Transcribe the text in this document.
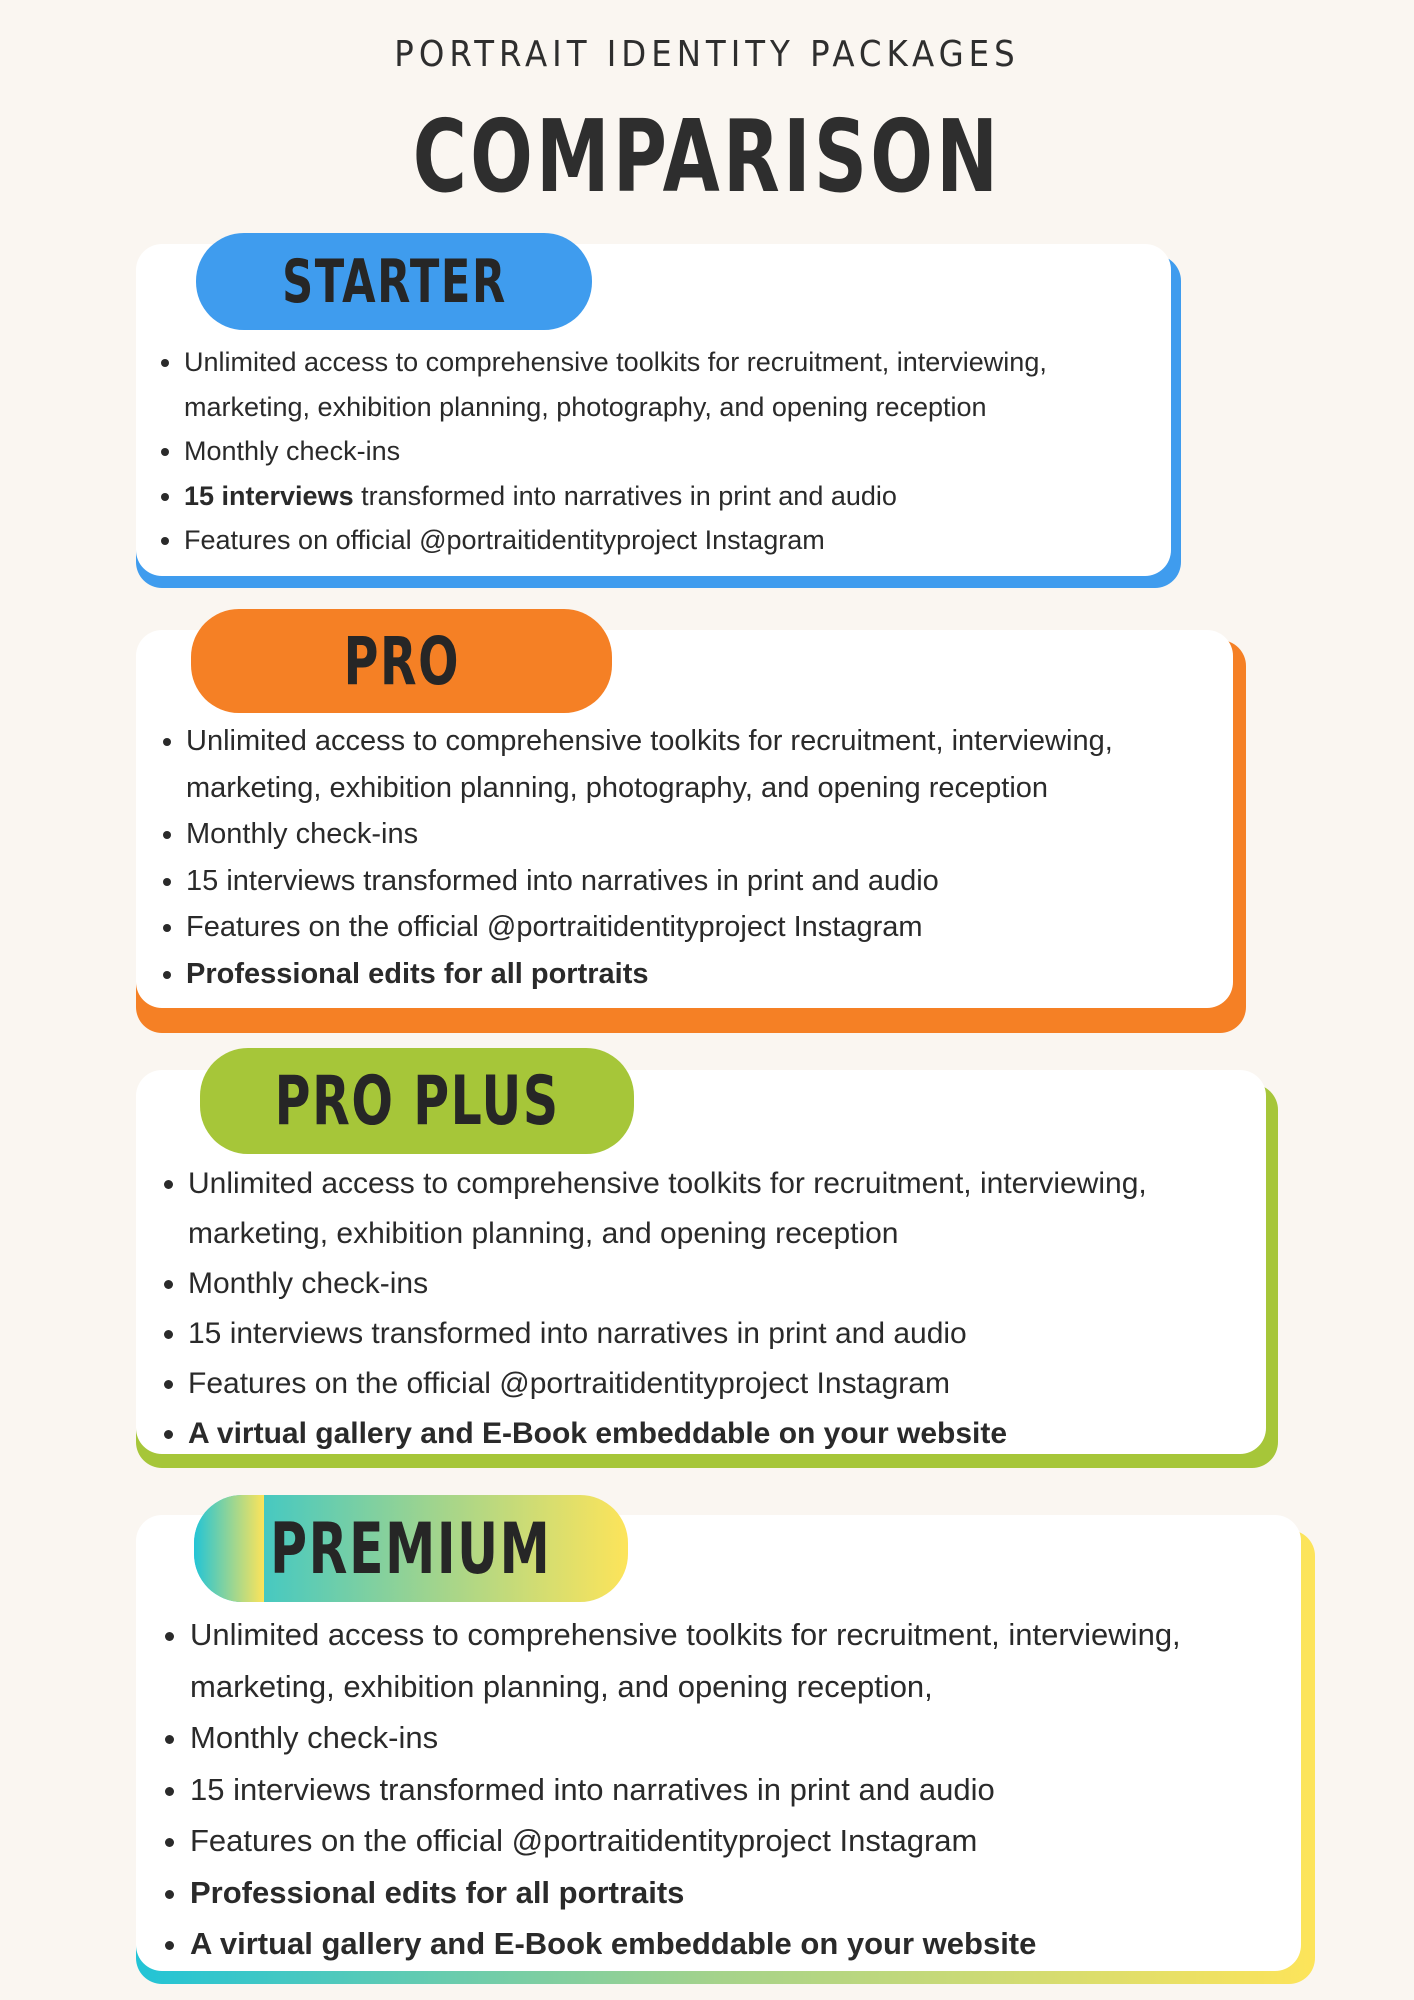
PORTRAIT IDENTITY PACKAGES
COMPARISON
STARTER
• Unlimited access to comprehensive toolkits for recruitment, interviewing, marketing, exhibition planning, photography, and opening reception
• Monthly check-ins
• 15 interviews transformed into narratives in print and audio
• Features on official @portraitidentityproject Instagram
PRO
• Unlimited access to comprehensive toolkits for recruitment, interviewing, marketing, exhibition planning, photography, and opening reception
• Monthly check-ins
• 15 interviews transformed into narratives in print and audio
• Features on the official @portraitidentityproject Instagram
• Professional edits for all portraits
PRO PLUS
• Unlimited access to comprehensive toolkits for recruitment, interviewing, marketing, exhibition planning, and opening reception
• Monthly check-ins
• 15 interviews transformed into narratives in print and audio
• Features on the official @portraitidentityproject Instagram
• A virtual gallery and E-Book embeddable on your website
PREMIUM
• Unlimited access to comprehensive toolkits for recruitment, interviewing, marketing, exhibition planning, and opening reception,
• Monthly check-ins
• 15 interviews transformed into narratives in print and audio
• Features on the official @portraitidentityproject Instagram
• Professional edits for all portraits
• A virtual gallery and E-Book embeddable on your website
